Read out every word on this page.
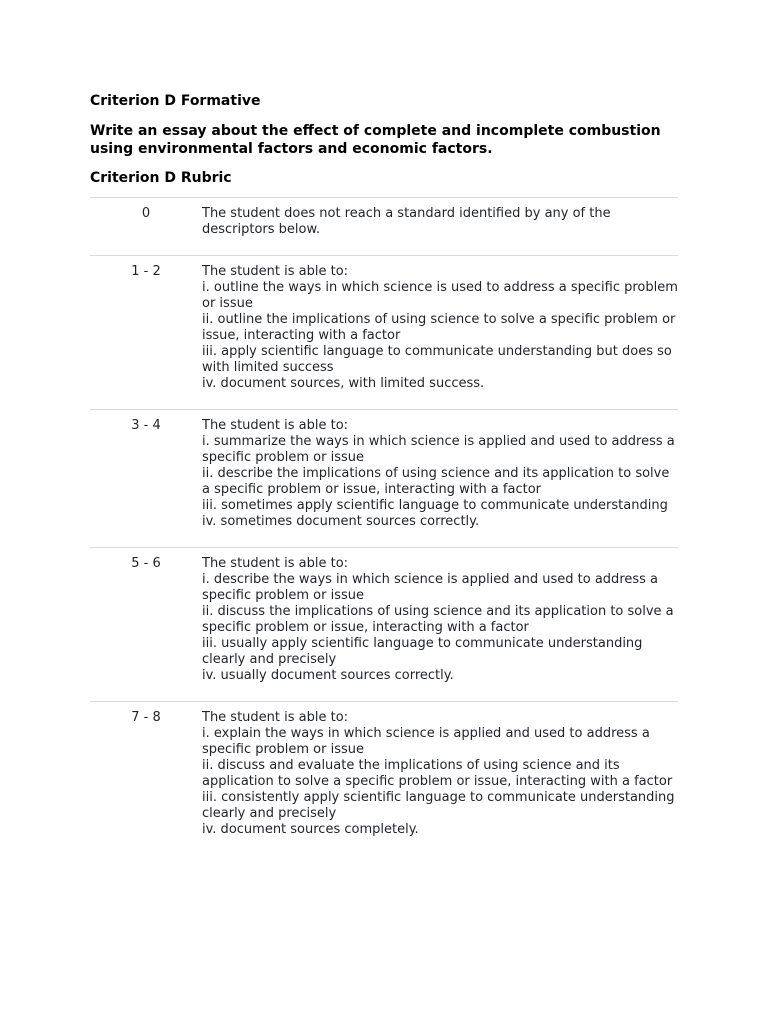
Criterion D Formative

Write an essay about the effect of complete and incomplete combustion using environmental factors and economic factors.

Criterion D Rubric

0	The student does not reach a standard identified by any of the descriptors below.
1 - 2	The student is able to:
i. outline the ways in which science is used to address a specific problem or issue
ii. outline the implications of using science to solve a specific problem or issue, interacting with a factor
iii. apply scientific language to communicate understanding but does so with limited success
iv. document sources, with limited success.
3 - 4	The student is able to:
i. summarize the ways in which science is applied and used to address a specific problem or issue
ii. describe the implications of using science and its application to solve a specific problem or issue, interacting with a factor
iii. sometimes apply scientific language to communicate understanding
iv. sometimes document sources correctly.
5 - 6	The student is able to:
i. describe the ways in which science is applied and used to address a specific problem or issue
ii. discuss the implications of using science and its application to solve a specific problem or issue, interacting with a factor
iii. usually apply scientific language to communicate understanding clearly and precisely
iv. usually document sources correctly.
7 - 8	The student is able to:
i. explain the ways in which science is applied and used to address a specific problem or issue
ii. discuss and evaluate the implications of using science and its application to solve a specific problem or issue, interacting with a factor
iii. consistently apply scientific language to communicate understanding clearly and precisely
iv. document sources completely.
